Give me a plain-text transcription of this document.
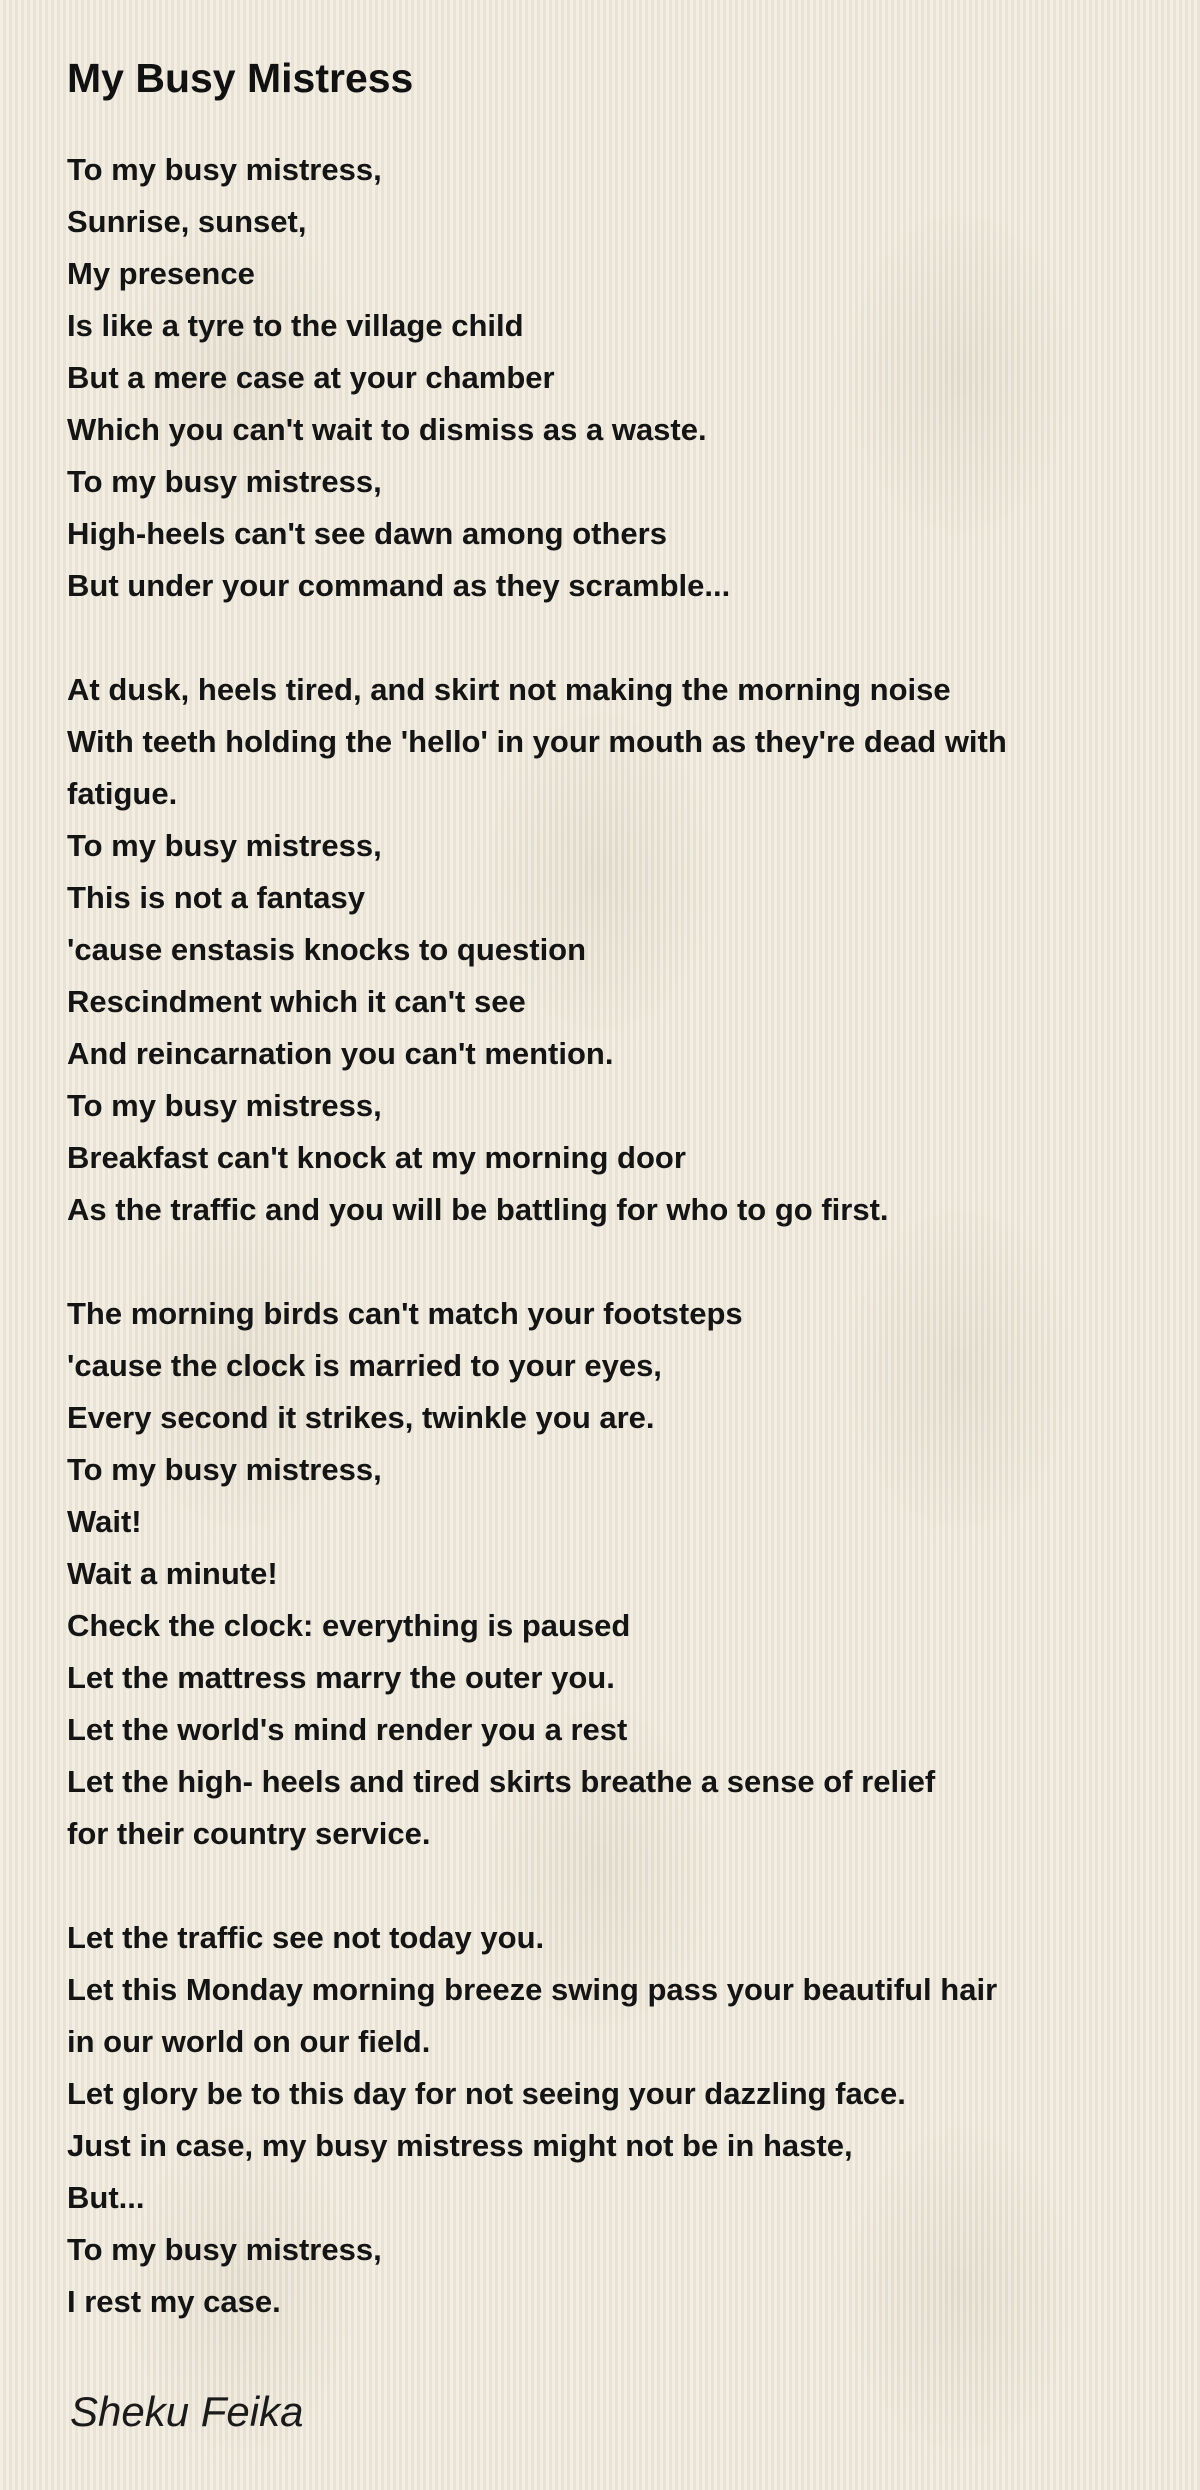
My Busy Mistress
To my busy mistress,
Sunrise, sunset,
My presence
Is like a tyre to the village child
But a mere case at your chamber
Which you can't wait to dismiss as a waste.
To my busy mistress,
High-heels can't see dawn among others
But under your command as they scramble...

At dusk, heels tired, and skirt not making the morning noise
With teeth holding the 'hello' in your mouth as they're dead with
fatigue.
To my busy mistress,
This is not a fantasy
'cause enstasis knocks to question
Rescindment which it can't see
And reincarnation you can't mention.
To my busy mistress,
Breakfast can't knock at my morning door
As the traffic and you will be battling for who to go first.

The morning birds can't match your footsteps
'cause the clock is married to your eyes,
Every second it strikes, twinkle you are.
To my busy mistress,
Wait!
Wait a minute!
Check the clock: everything is paused
Let the mattress marry the outer you.
Let the world's mind render you a rest
Let the high- heels and tired skirts breathe a sense of relief
for their country service.

Let the traffic see not today you.
Let this Monday morning breeze swing pass your beautiful hair
in our world on our field.
Let glory be to this day for not seeing your dazzling face.
Just in case, my busy mistress might not be in haste,
But...
To my busy mistress,
I rest my case.
Sheku Feika
